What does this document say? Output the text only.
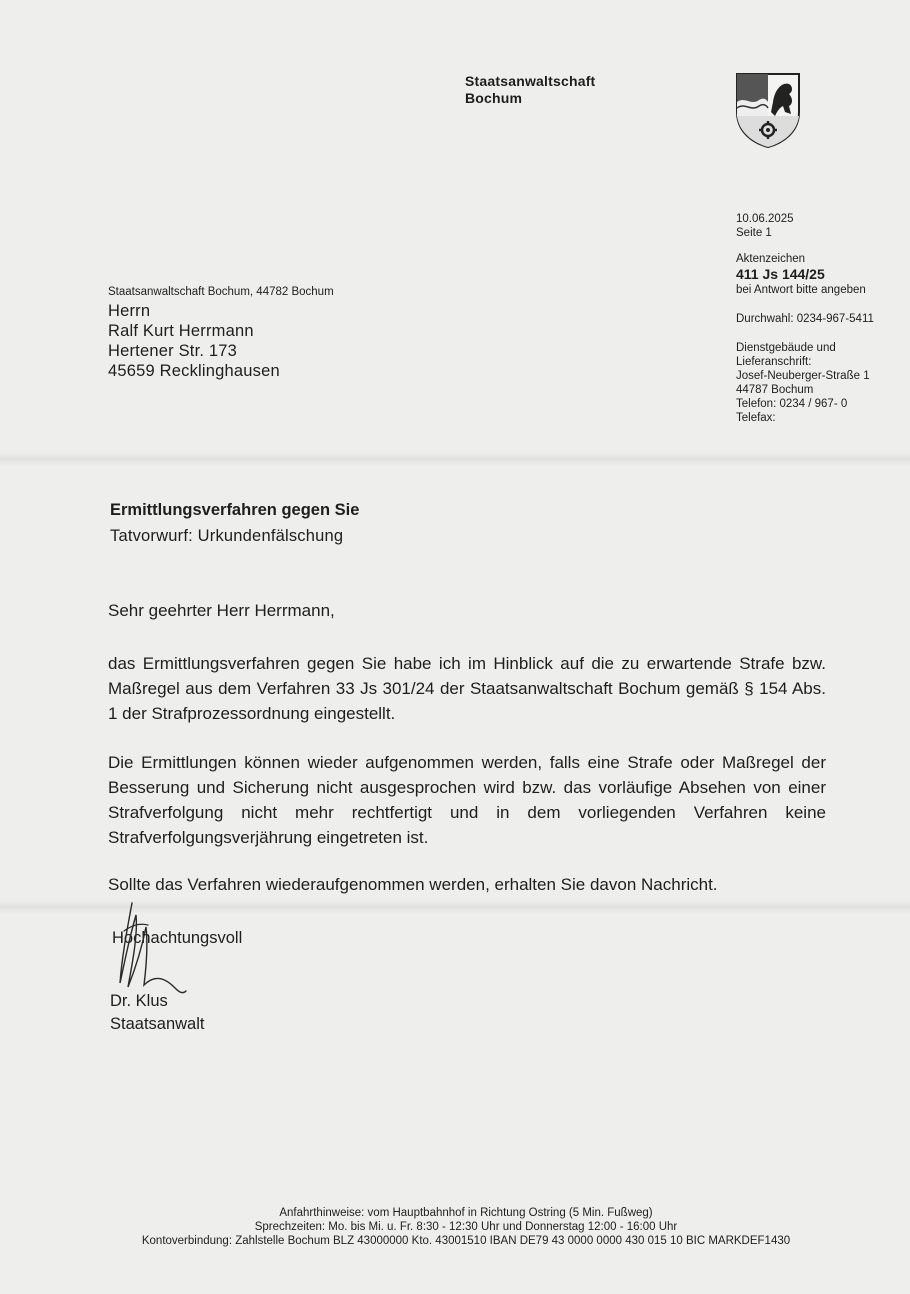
Staatsanwaltschaft
Bochum
10.06.2025
Seite 1
Aktenzeichen
411 Js 144/25
bei Antwort bitte angeben
Durchwahl: 0234-967-5411
Dienstgebäude und
Lieferanschrift:
Josef-Neuberger-Straße 1
44787 Bochum
Telefon: 0234 / 967- 0
Telefax:
Staatsanwaltschaft Bochum, 44782 Bochum
Herrn
Ralf Kurt Herrmann
Hertener Str. 173
45659 Recklinghausen
Ermittlungsverfahren gegen Sie
Tatvorwurf: Urkundenfälschung
Sehr geehrter Herr Herrmann,
das Ermittlungsverfahren gegen Sie habe ich im Hinblick auf die zu erwartende Strafe bzw. Maßregel aus dem Verfahren 33 Js 301/24 der Staatsanwaltschaft Bochum gemäß § 154 Abs. 1 der Strafprozessordnung eingestellt.
Die Ermittlungen können wieder aufgenommen werden, falls eine Strafe oder Maßregel der Besserung und Sicherung nicht ausgesprochen wird bzw. das vorläufige Absehen von einer Strafverfolgung nicht mehr rechtfertigt und in dem vorliegenden Verfahren keine Strafverfolgungsverjährung eingetreten ist.
Sollte das Verfahren wiederaufgenommen werden, erhalten Sie davon Nachricht.
Hochachtungsvoll
Dr. Klus
Staatsanwalt
Anfahrthinweise: vom Hauptbahnhof in Richtung Ostring (5 Min. Fußweg)
Sprechzeiten: Mo. bis Mi. u. Fr. 8:30 - 12:30 Uhr und Donnerstag 12:00 - 16:00 Uhr
Kontoverbindung: Zahlstelle Bochum BLZ 43000000 Kto. 43001510 IBAN DE79 43 0000 0000 430 015 10 BIC MARKDEF1430
